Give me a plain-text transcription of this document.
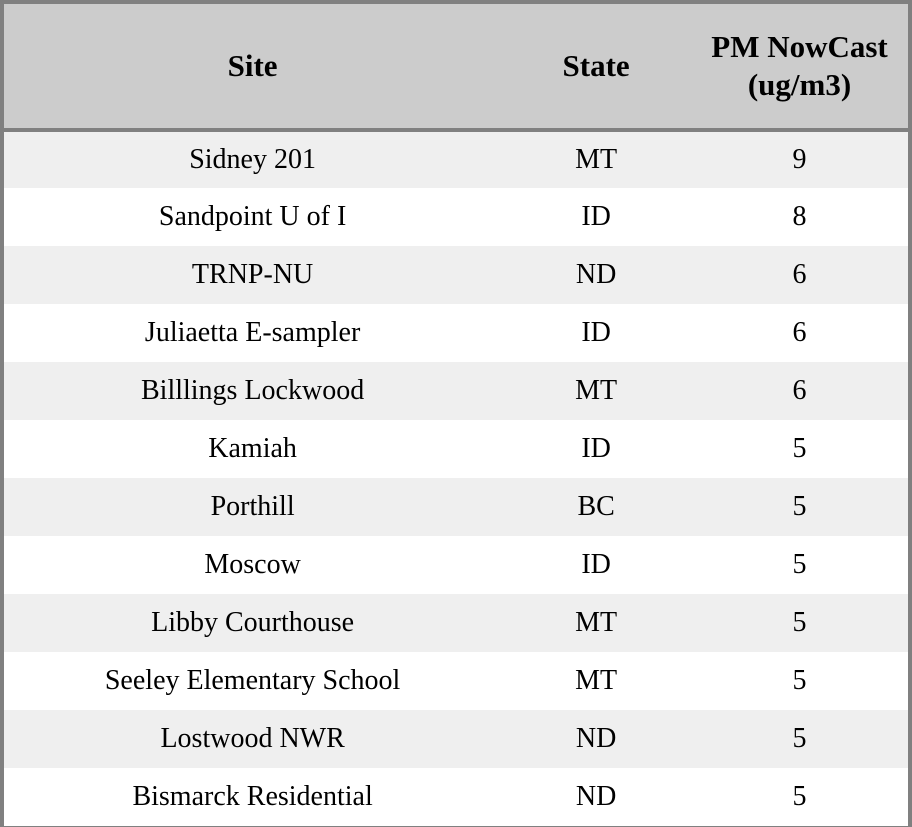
Site	State	PM NowCast (ug/m3)
Sidney 201	MT	9
Sandpoint U of I	ID	8
TRNP-NU	ND	6
Juliaetta E-sampler	ID	6
Billlings Lockwood	MT	6
Kamiah	ID	5
Porthill	BC	5
Moscow	ID	5
Libby Courthouse	MT	5
Seeley Elementary School	MT	5
Lostwood NWR	ND	5
Bismarck Residential	ND	5
